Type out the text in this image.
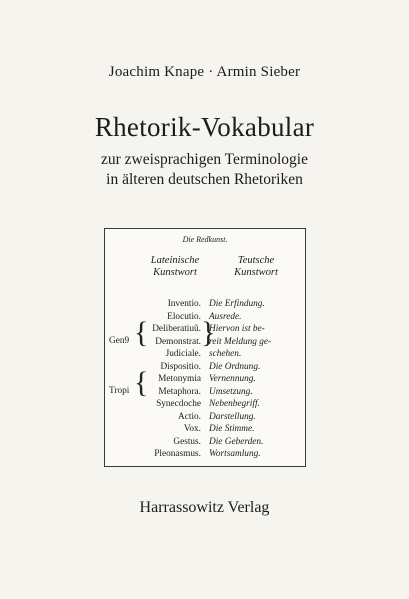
Joachim Knape · Armin Sieber
Rhetorik-Vokabular
zur zweisprachigen Terminologie
in älteren deutschen Rhetoriken
Die Redkunst.
Lateinische
Kunstwort
Teutsche
Kunstwort
Inventio. Die Erfindung.
Elocutio. Ausrede.
Deliberatiuũ. Hiervon ist be-
Demonstrat. reit Meldung ge-
Judiciale. schehen.
Dispositio. Die Ordnung.
Metonymia Vernennung.
Metaphora. Umsetzung.
Synecdoche Nebenbegriff.
Actio. Darstellung.
Vox. Die Stimme.
Gestus. Die Geberden.
Pleonasmus. Wortsamlung.
Gen9 { }
Tropi {
Harrassowitz Verlag
